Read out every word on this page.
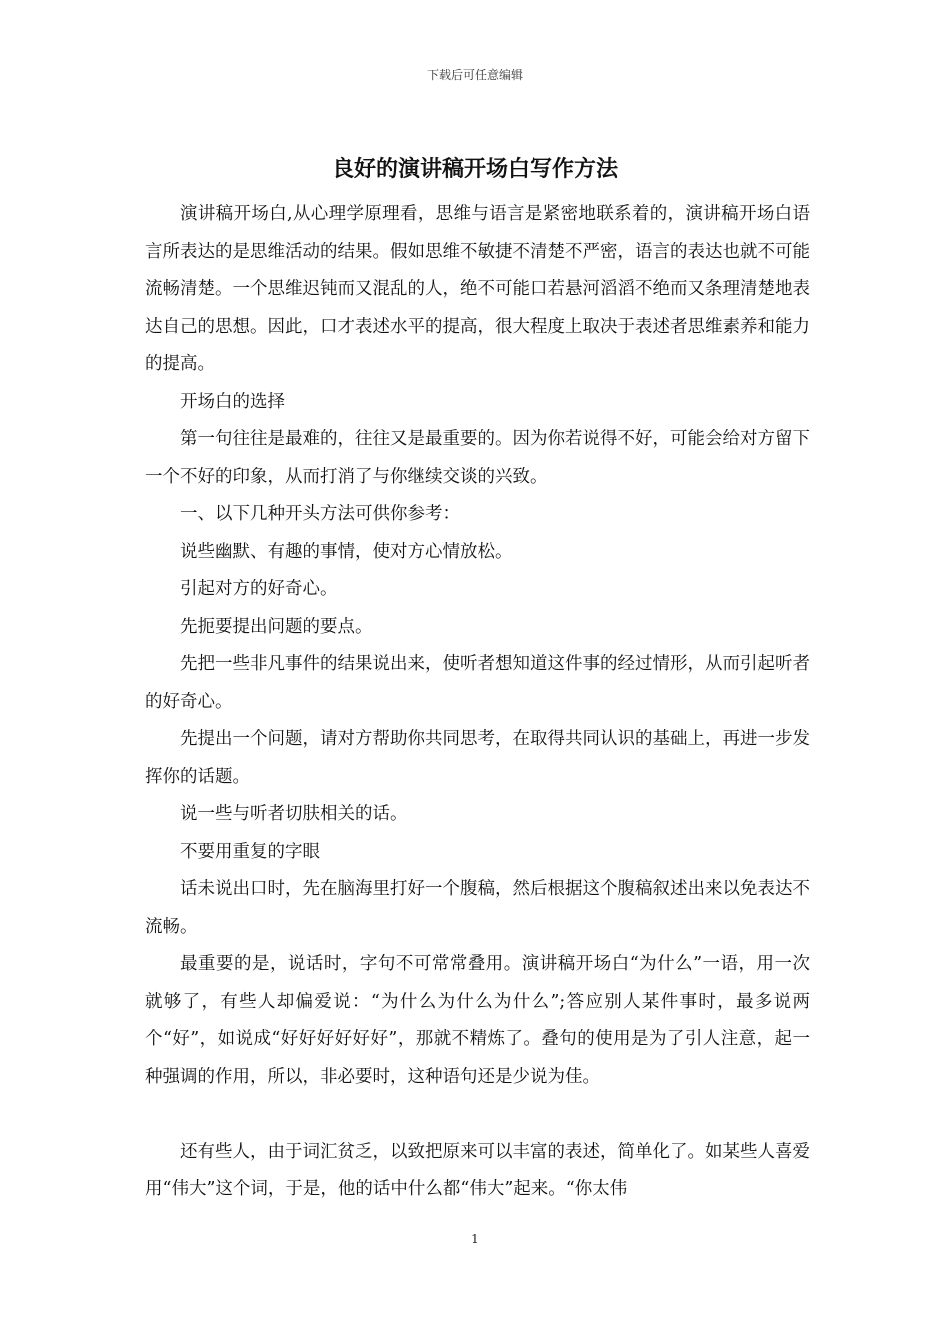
下载后可任意编辑
良好的演讲稿开场白写作方法

演讲稿开场白,从心理学原理看，思维与语言是紧密地联系着的，演讲稿开场白语言所表达的是思维活动的结果。假如思维不敏捷不清楚不严密，语言的表达也就不可能流畅清楚。一个思维迟钝而又混乱的人，绝不可能口若悬河滔滔不绝而又条理清楚地表达自己的思想。因此，口才表述水平的提高，很大程度上取决于表述者思维素养和能力的提高。

开场白的选择

第一句往往是最难的，往往又是最重要的。因为你若说得不好，可能会给对方留下一个不好的印象，从而打消了与你继续交谈的兴致。

一、以下几种开头方法可供你参考：

说些幽默、有趣的事情，使对方心情放松。

引起对方的好奇心。

先扼要提出问题的要点。

先把一些非凡事件的结果说出来，使听者想知道这件事的经过情形，从而引起听者的好奇心。

先提出一个问题，请对方帮助你共同思考，在取得共同认识的基础上，再进一步发挥你的话题。

说一些与听者切肤相关的话。

不要用重复的字眼

话未说出口时，先在脑海里打好一个腹稿，然后根据这个腹稿叙述出来以免表达不流畅。

最重要的是，说话时，字句不可常常叠用。演讲稿开场白“为什么”一语，用一次就够了，有些人却偏爱说：“为什么为什么为什么”;答应别人某件事时，最多说两个“好”，如说成“好好好好好好”，那就不精炼了。叠句的使用是为了引人注意，起一种强调的作用，所以，非必要时，这种语句还是少说为佳。

还有些人，由于词汇贫乏，以致把原来可以丰富的表述，简单化了。如某些人喜爱用“伟大”这个词，于是，他的话中什么都“伟大”起来。“你太伟

1
